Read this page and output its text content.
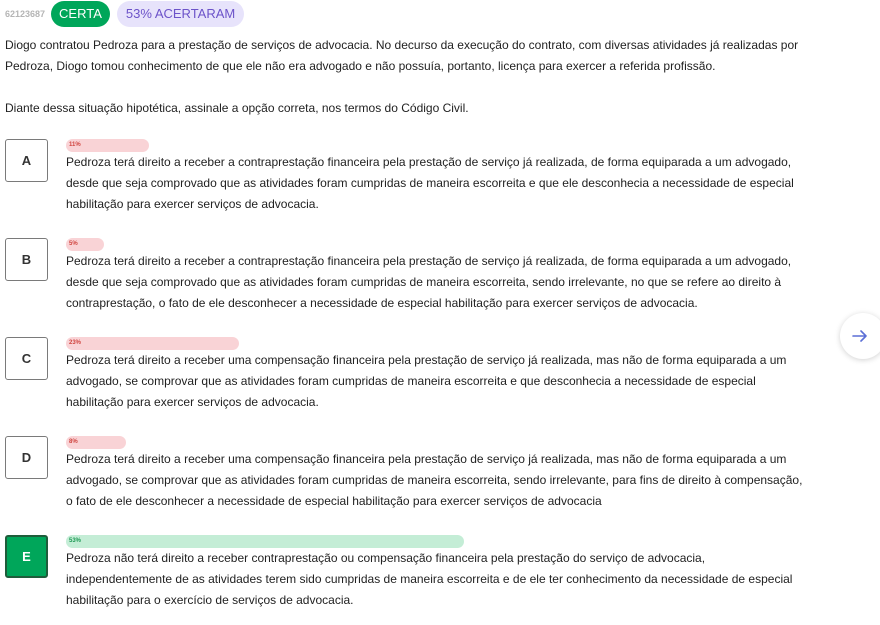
62123687	CERTA	53% ACERTARAM

Diogo contratou Pedroza para a prestação de serviços de advocacia. No decurso da execução do contrato, com diversas atividades já realizadas por Pedroza, Diogo tomou conhecimento de que ele não era advogado e não possuía, portanto, licença para exercer a referida profissão.

Diante dessa situação hipotética, assinale a opção correta, nos termos do Código Civil.

A
11%
Pedroza terá direito a receber a contraprestação financeira pela prestação de serviço já realizada, de forma equiparada a um advogado, desde que seja comprovado que as atividades foram cumpridas de maneira escorreita e que ele desconhecia a necessidade de especial habilitação para exercer serviços de advocacia.
B
5%
Pedroza terá direito a receber a contraprestação financeira pela prestação de serviço já realizada, de forma equiparada a um advogado, desde que seja comprovado que as atividades foram cumpridas de maneira escorreita, sendo irrelevante, no que se refere ao direito à contraprestação, o fato de ele desconhecer a necessidade de especial habilitação para exercer serviços de advocacia.
C
23%
Pedroza terá direito a receber uma compensação financeira pela prestação de serviço já realizada, mas não de forma equiparada a um advogado, se comprovar que as atividades foram cumpridas de maneira escorreita e que desconhecia a necessidade de especial habilitação para exercer serviços de advocacia.
D
8%
Pedroza terá direito a receber uma compensação financeira pela prestação de serviço já realizada, mas não de forma equiparada a um advogado, se comprovar que as atividades foram cumpridas de maneira escorreita, sendo irrelevante, para fins de direito à compensação, o fato de ele desconhecer a necessidade de especial habilitação para exercer serviços de advocacia
E
53%
Pedroza não terá direito a receber contraprestação ou compensação financeira pela prestação do serviço de advocacia, independentemente de as atividades terem sido cumpridas de maneira escorreita e de ele ter conhecimento da necessidade de especial habilitação para o exercício de serviços de advocacia.
